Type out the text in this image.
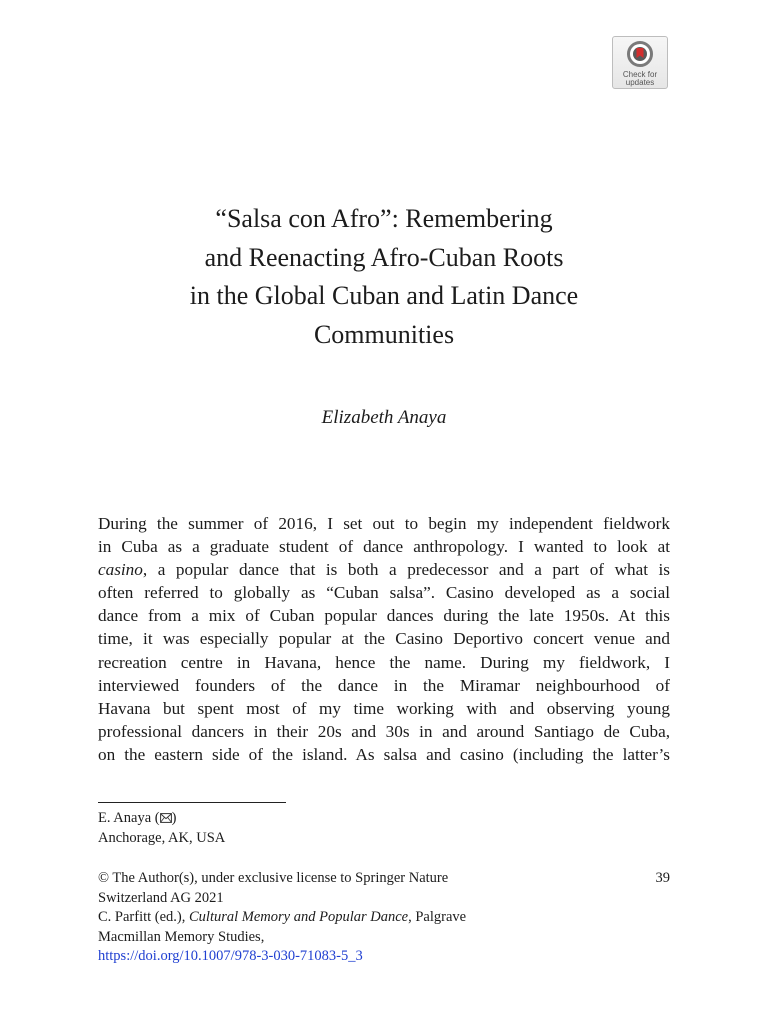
Check for
updates
“Salsa con Afro”: Remembering
and Reenacting Afro-Cuban Roots
in the Global Cuban and Latin Dance
Communities
Elizabeth Anaya
During the summer of 2016, I set out to begin my independent fieldwork
in Cuba as a graduate student of dance anthropology. I wanted to look at
casino, a popular dance that is both a predecessor and a part of what is
often referred to globally as “Cuban salsa”. Casino developed as a social
dance from a mix of Cuban popular dances during the late 1950s. At this
time, it was especially popular at the Casino Deportivo concert venue and
recreation centre in Havana, hence the name. During my fieldwork, I
interviewed founders of the dance in the Miramar neighbourhood of
Havana but spent most of my time working with and observing young
professional dancers in their 20s and 30s in and around Santiago de Cuba,
on the eastern side of the island. As salsa and casino (including the latter’s
E. Anaya ( )
Anchorage, AK, USA
© The Author(s), under exclusive license to Springer Nature
Switzerland AG 2021
C. Parfitt (ed.), Cultural Memory and Popular Dance, Palgrave
Macmillan Memory Studies,
https://doi.org/10.1007/978-3-030-71083-5_3
39
